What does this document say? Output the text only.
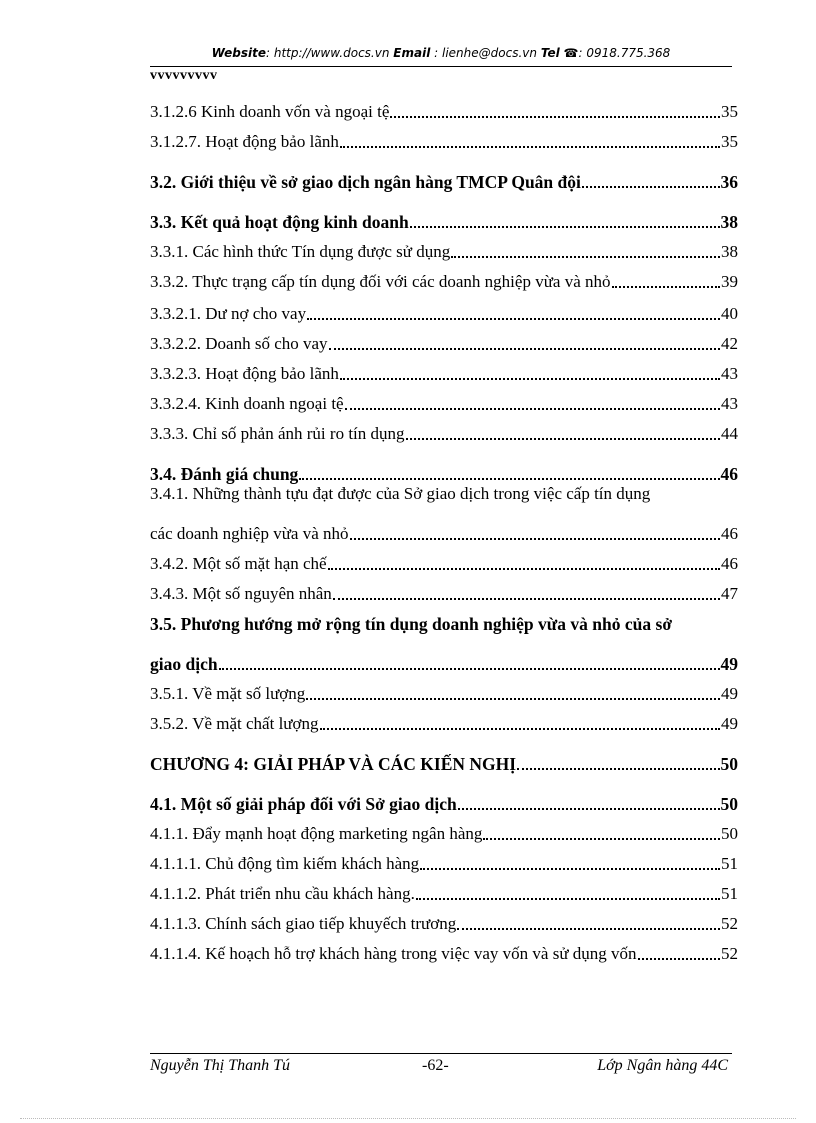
Website: http://www.docs.vn Email : lienhe@docs.vn Tel ☎: 0918.775.368
vvvvvvvvv
3.1.2.6 Kinh doanh vốn và ngoại tệ	35
3.1.2.7. Hoạt động bảo lãnh	35
3.2. Giới thiệu về sở giao dịch ngân hàng TMCP Quân đội	36
3.3. Kết quả hoạt động kinh doanh	38
3.3.1. Các hình thức Tín dụng được sử dụng	38
3.3.2. Thực trạng cấp tín dụng đối với các doanh nghiệp vừa và nhỏ	39
3.3.2.1. Dư nợ cho vay	40
3.3.2.2. Doanh số cho vay	42
3.3.2.3. Hoạt động bảo lãnh	43
3.3.2.4. Kinh doanh ngoại tệ	43
3.3.3. Chỉ số phản ánh rủi ro tín dụng	44
3.4. Đánh giá chung	46
3.4.1. Những thành tựu đạt được của Sở giao dịch trong việc cấp tín dụng
các doanh nghiệp vừa và nhỏ	46
3.4.2. Một số mặt hạn chế	46
3.4.3. Một số nguyên nhân	47
3.5. Phương hướng mở rộng tín dụng doanh nghiệp vừa và nhỏ của sở
giao dịch	49
3.5.1. Về mặt số lượng	49
3.5.2. Về mặt chất lượng	49
CHƯƠNG 4: GIẢI PHÁP VÀ CÁC KIẾN NGHỊ	50
4.1. Một số giải pháp đối với Sở giao dịch	50
4.1.1. Đẩy mạnh hoạt động marketing ngân hàng	50
4.1.1.1. Chủ động tìm kiếm khách hàng	51
4.1.1.2. Phát triển nhu cầu khách hàng.	51
4.1.1.3. Chính sách giao tiếp khuyếch trương	52
4.1.1.4. Kế hoạch hỗ trợ khách hàng trong việc vay vốn và sử dụng vốn	52
Nguyễn Thị Thanh Tú	-62-	Lớp Ngân hàng 44C
